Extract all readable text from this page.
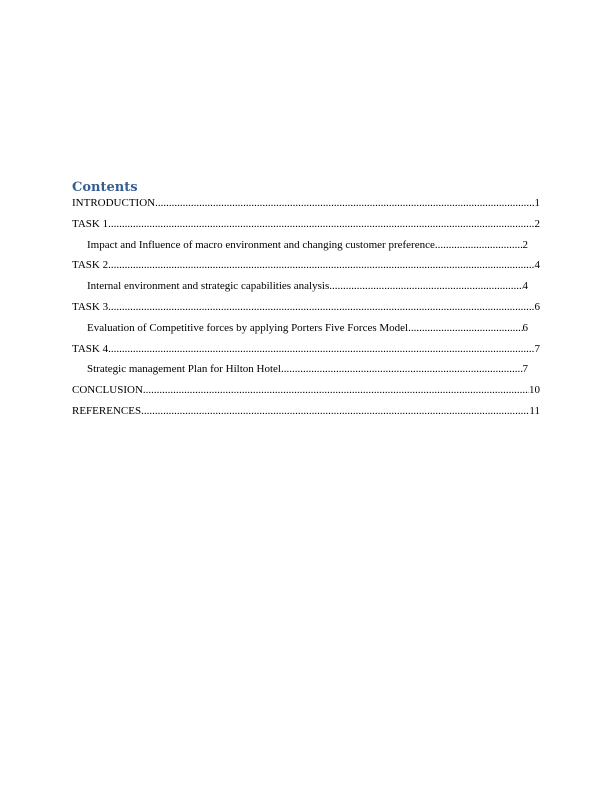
Contents
INTRODUCTION .....	1
TASK 1 .....	2
Impact and Influence of macro environment and changing customer preference .....	2
TASK 2 .....	4
Internal environment and strategic capabilities analysis .....	4
TASK 3 .....	6
Evaluation of Competitive forces by applying Porters Five Forces Model .....	6
TASK 4 .....	7
Strategic management Plan for Hilton Hotel .....	7
CONCLUSION .....	10
REFERENCES .....	11
